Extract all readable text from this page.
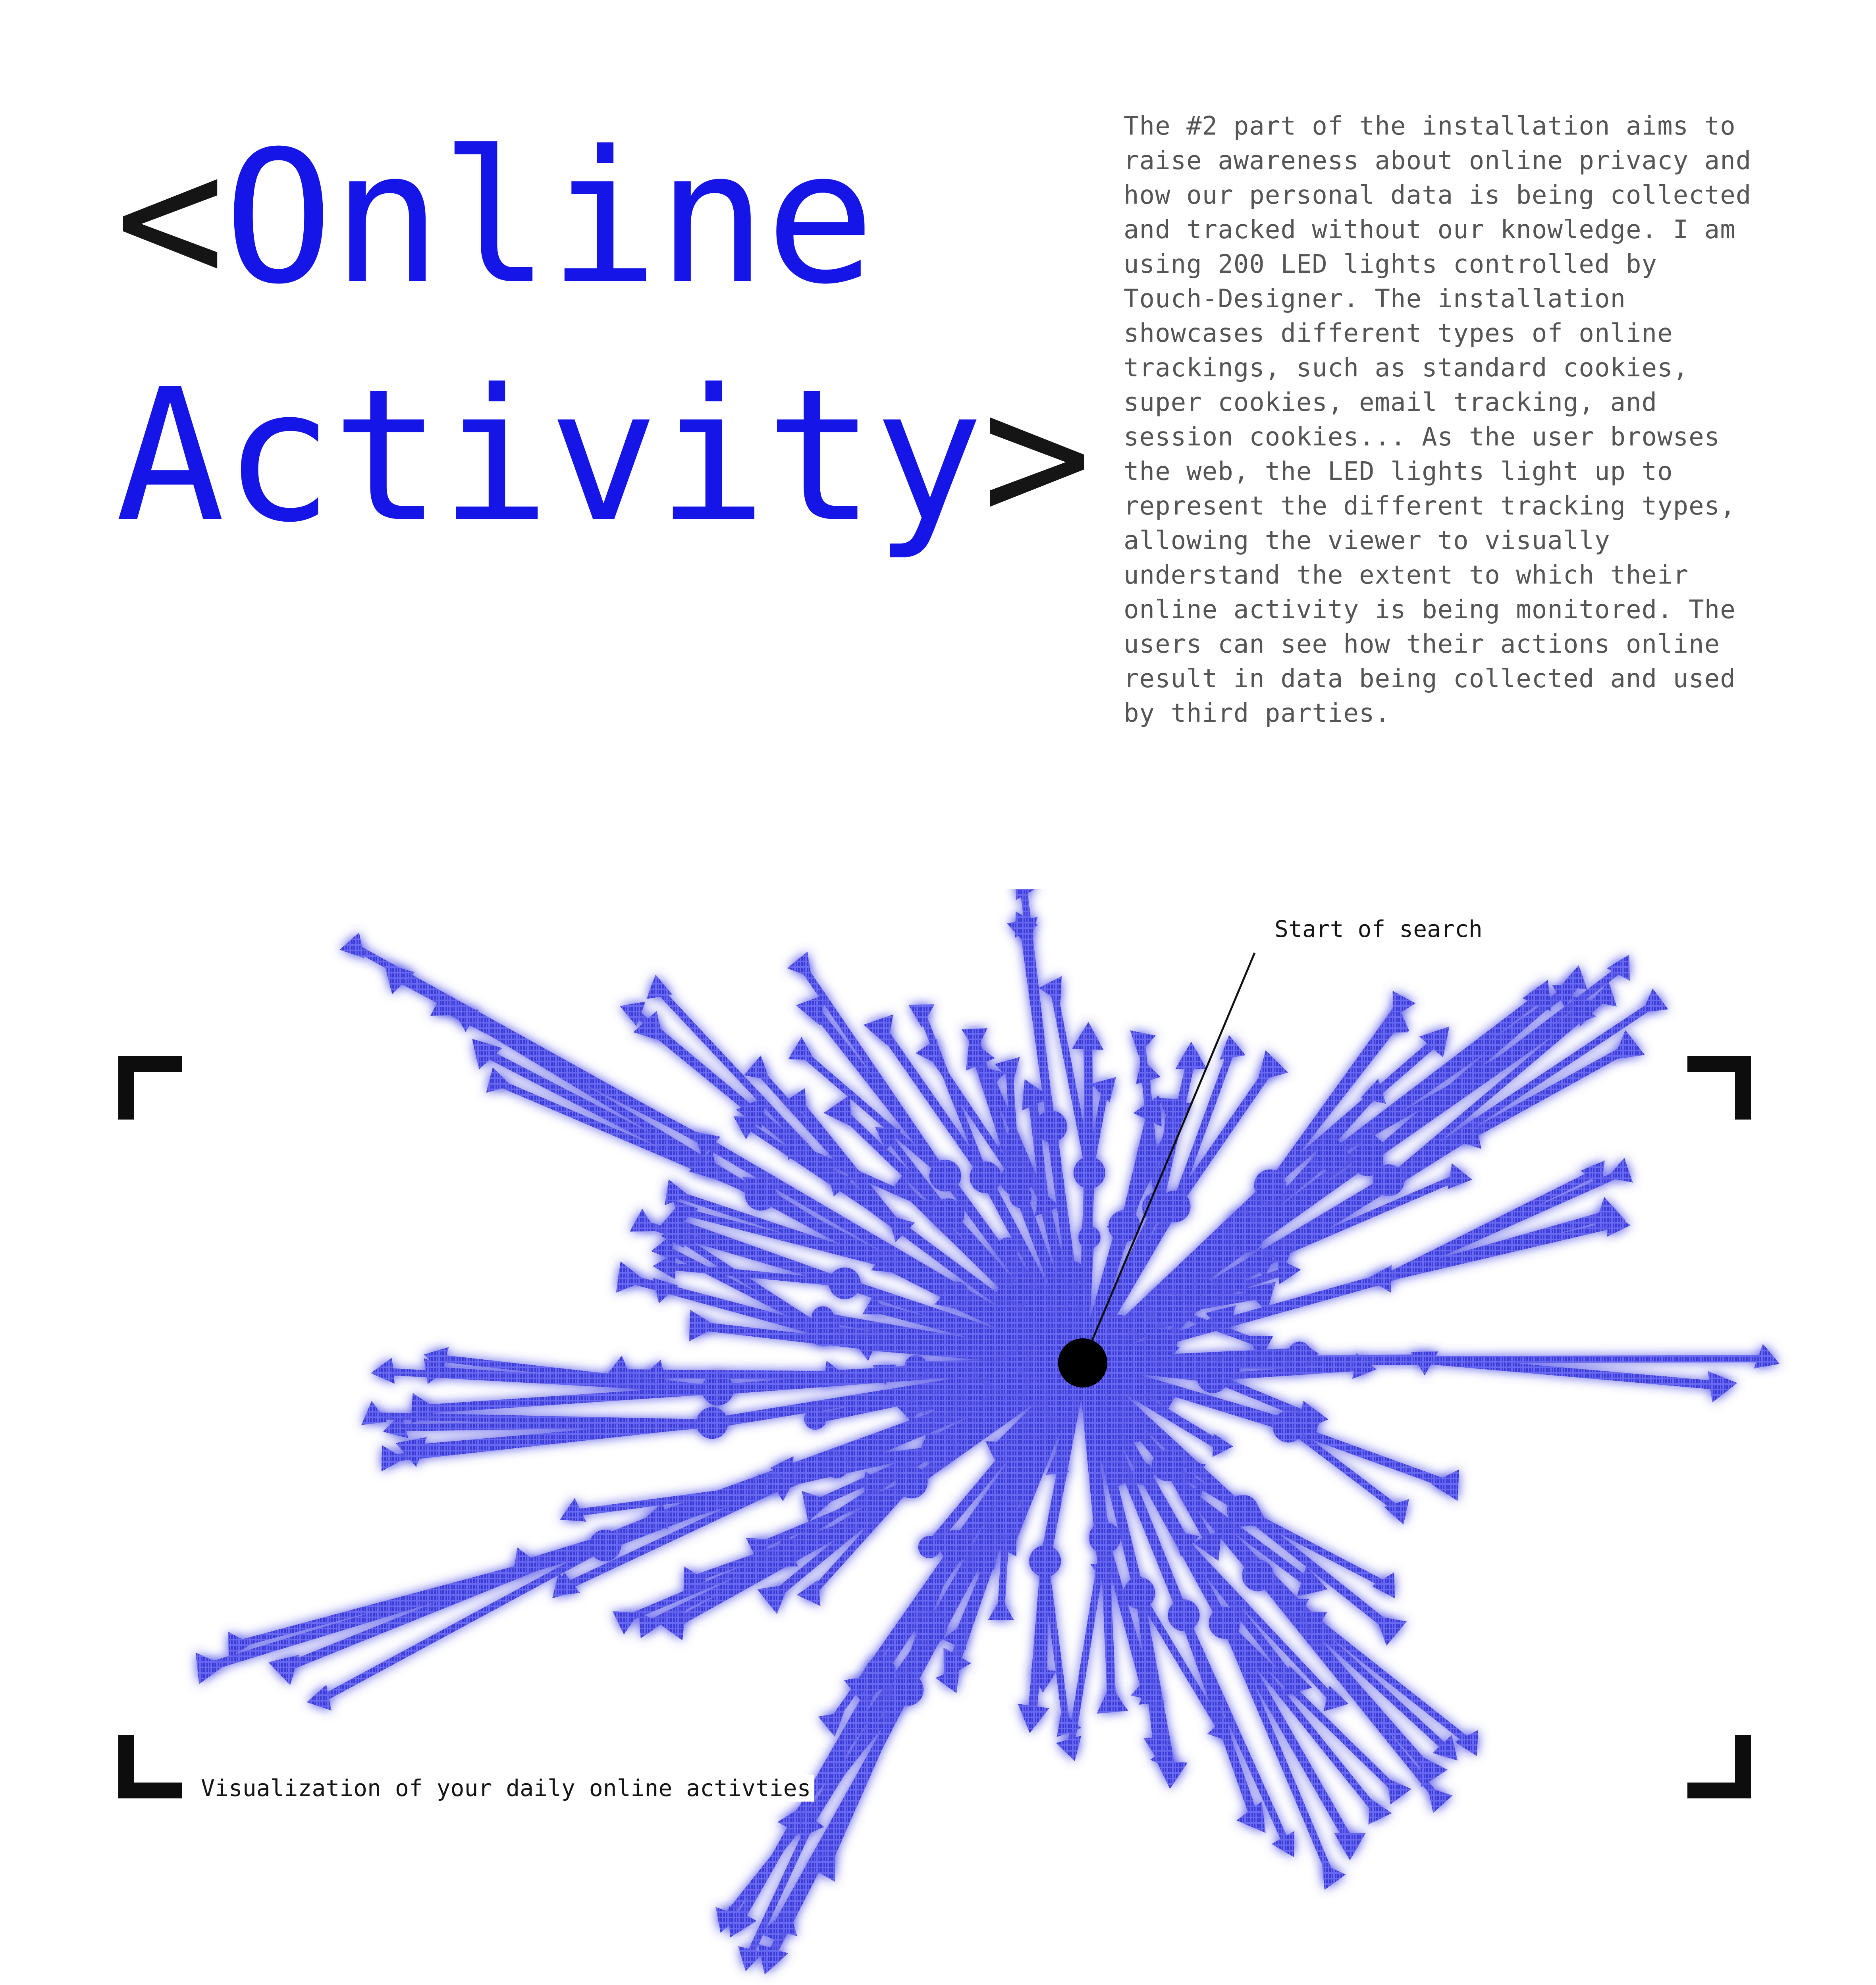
<Online
Activity>

The #2 part of the installation aims to raise awareness about online privacy and how our personal data is being collected and tracked without our knowledge. I am using 200 LED lights controlled by Touch-Designer. The installation showcases different types of online trackings, such as standard cookies, super cookies, email tracking, and session cookies... As the user browses the web, the LED lights light up to represent the different tracking types, allowing the viewer to visually understand the extent to which their online activity is being monitored. The users can see how their actions online result in data being collected and used by third parties.

Start of search

Visualization of your daily online activties
